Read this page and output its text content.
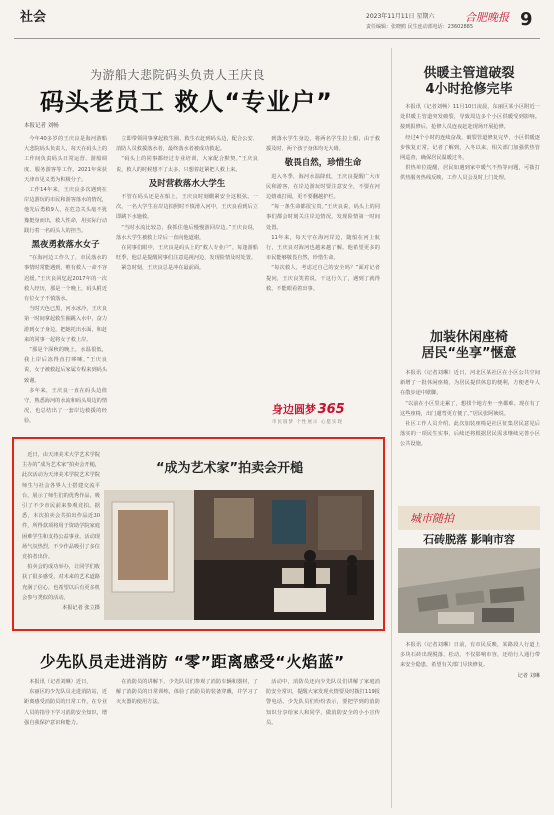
社会	2023年11月11日 星期六	合肥晚报 9
责任编辑：张晓鸥 民生连动部电话：23602885
为游船大悲院码头负责人王庆良
码头老员工 救人“专业户”
本报记者 刘畅

今年40多岁的王庆良是海河游船大悲院码头负责人，每天在码头上的工作间负责码头日常运营、游船调度、服务游客等工作。2021年荣获天津市见义勇为积极分子。

工作14年来，王庆良多次遇到在岸边游玩的市民和游客落水的情况，他先后勇救9人，在危急关头毫不犹豫挺身而出，救人性命，用实际行动践行着一名码头人的担当。

黑夜勇救落水女子

“在海河边工作久了，市民落水的事情时常能遇到，唯有救人一命不容迟缓。”王庆良回忆起2017年的一次救人经历，那是一个晚上，码头附近有位女子不慎落水。

当时天色已黑，河水冰冷，王庆良第一时间拿起救生圈跳入水中，奋力游到女子身边，把她托出水面，和赶来的同事一起将女子救上岸。

“那是个深秋的晚上，水温很低，我上岸后冻得直打哆嗦。”王庆良说，女子被救起后家属专程来到码头致谢。

多年来，王庆良一直在码头边值守，熟悉海河的水流和码头周边的情况，也总结出了一套岸边救援的经验。

立即带领同事拿起救生圈、救生衣赶到码头边，配合公安、消防人员救援落水者，最终落水者被成功救起。

“码头上的同事都经过专业培训，大家配合默契。”王庆良说，救人的时候想不了太多，只想着赶紧把人救上来。

及时营救落水大学生

不管在码头还是在船上，王庆良时刻绷紧安全这根弦。一次，一名大学生在岸边拍照时不慎滑入河中，王庆良看到后立即跳下水施救。

“当时水流比较急，我抓住他后慢慢游回岸边。”王庆良说，落水大学生被救上岸后一直向他道谢。

在同事们眼中，王庆良是码头上的“救人专业户”。每逢游船旺季，他总是提醒同事们注意巡视河边，发现险情及时处置。

紧急时刻，王庆良总是冲在最前面。

到落水学生身边，将两名学生拉上船，由于救援及时，两个孩子身体均无大碍。

敬畏自然，珍惜生命

进入冬季，海河水温降低，王庆良提醒广大市民和游客，在岸边游玩时要注意安全，不要在河边嬉戏打闹，更不要翻越护栏。

“每一条生命都很宝贵。”王庆良说，码头上的同事们都会时刻关注岸边情况，发现险情第一时间处置。

11年来，每天守在海河岸边，随船在河上航行，王庆良对海河也越来越了解。他希望更多的市民能够敬畏自然，珍惜生命。

“每次救人，考虑过自己的安全吗？”面对记者提问，王庆良笑着说，干这行久了，遇到了就得救，不能眼看着出事。

身边圆梦 365
市民圆梦 个性展示 心愿实现
近日，由天津美术大学艺术学院主办的“成为艺术家”拍卖会开槌，此次活动为天津美术学院艺术学院师生与社会各界人士搭建交流平台，展示了师生们的优秀作品，吸引了不少市民前来参观竞拍。据悉，本次拍卖会共拍出作品近30件，所得款项将用于资助学院家庭困难学生和支持公益事业。活动现场气氛热烈，不少作品吸引了多位竞拍者出价。
拍卖会的成功举办，让同学们收获了很多感受，对未来的艺术道路充满了信心，也希望以后有更多机会参与类似的活动。
本报记者 张立摄
“成为艺术家”拍卖会开槌
少先队员走进消防 “零”距离感受“火焰蓝”

本报讯（记者刘琳）近日，

东丽区的少先队员走进消防站，近距离感受消防员的日常工作，在专业人员的指导下学习消防安全知识，增强自我保护意识和能力。

在消防员的讲解下，少先队员们参观了消防车辆和器材，了解了消防员的日常训练，体验了消防员的装备穿戴，并学习了灭火器的使用方法。

活动中，消防员还向少先队员们讲解了家庭消防安全常识，提醒大家发现火情要及时拨打119报警电话。少先队员们纷纷表示，要把学到的消防知识分享给家人和同学，做消防安全的小小宣传员。

供暖主管道破裂
4小时抢修完毕

本报讯（记者刘畅）11月10日凌晨，东丽区某小区附近一处供暖主管道突发破裂，导致周边多个小区供暖受到影响。接到报修后，抢修人员连夜赶赴现场开展抢修。

经过4个小时的连续奋战，破裂管道修复完毕，小区供暖逐步恢复正常。记者了解到，入冬以来，相关部门加强供热管网巡查，确保居民温暖过冬。

供热单位提醒，居民如遇到家中暖气不热等问题，可拨打供热服务热线反映，工作人员会及时上门处理。

加装休闲座椅
居民“坐享”惬意

本报讯（记者刘琳）近日，河北区某社区在小区公共空间新增了一批休闲座椅，为居民提供休息的便利，方便老年人在散步途中歇脚。

“以前在小区里走累了，想找个地方坐一坐都难。现在有了这些座椅，出门遛弯更方便了。”居民张阿姨说。

社区工作人员介绍，此次加装座椅是社区征集居民意见后落实的一项民生实事，后续还将根据居民需求继续完善小区公共设施。

城市随拍
石砖脱落 影响市容

本报讯（记者刘琳）日前，有市民反映，某路段人行道上多块石砖出现脱落、松动，不仅影响市容，还给行人通行带来安全隐患，希望有关部门尽快修复。

记者 刘琳
